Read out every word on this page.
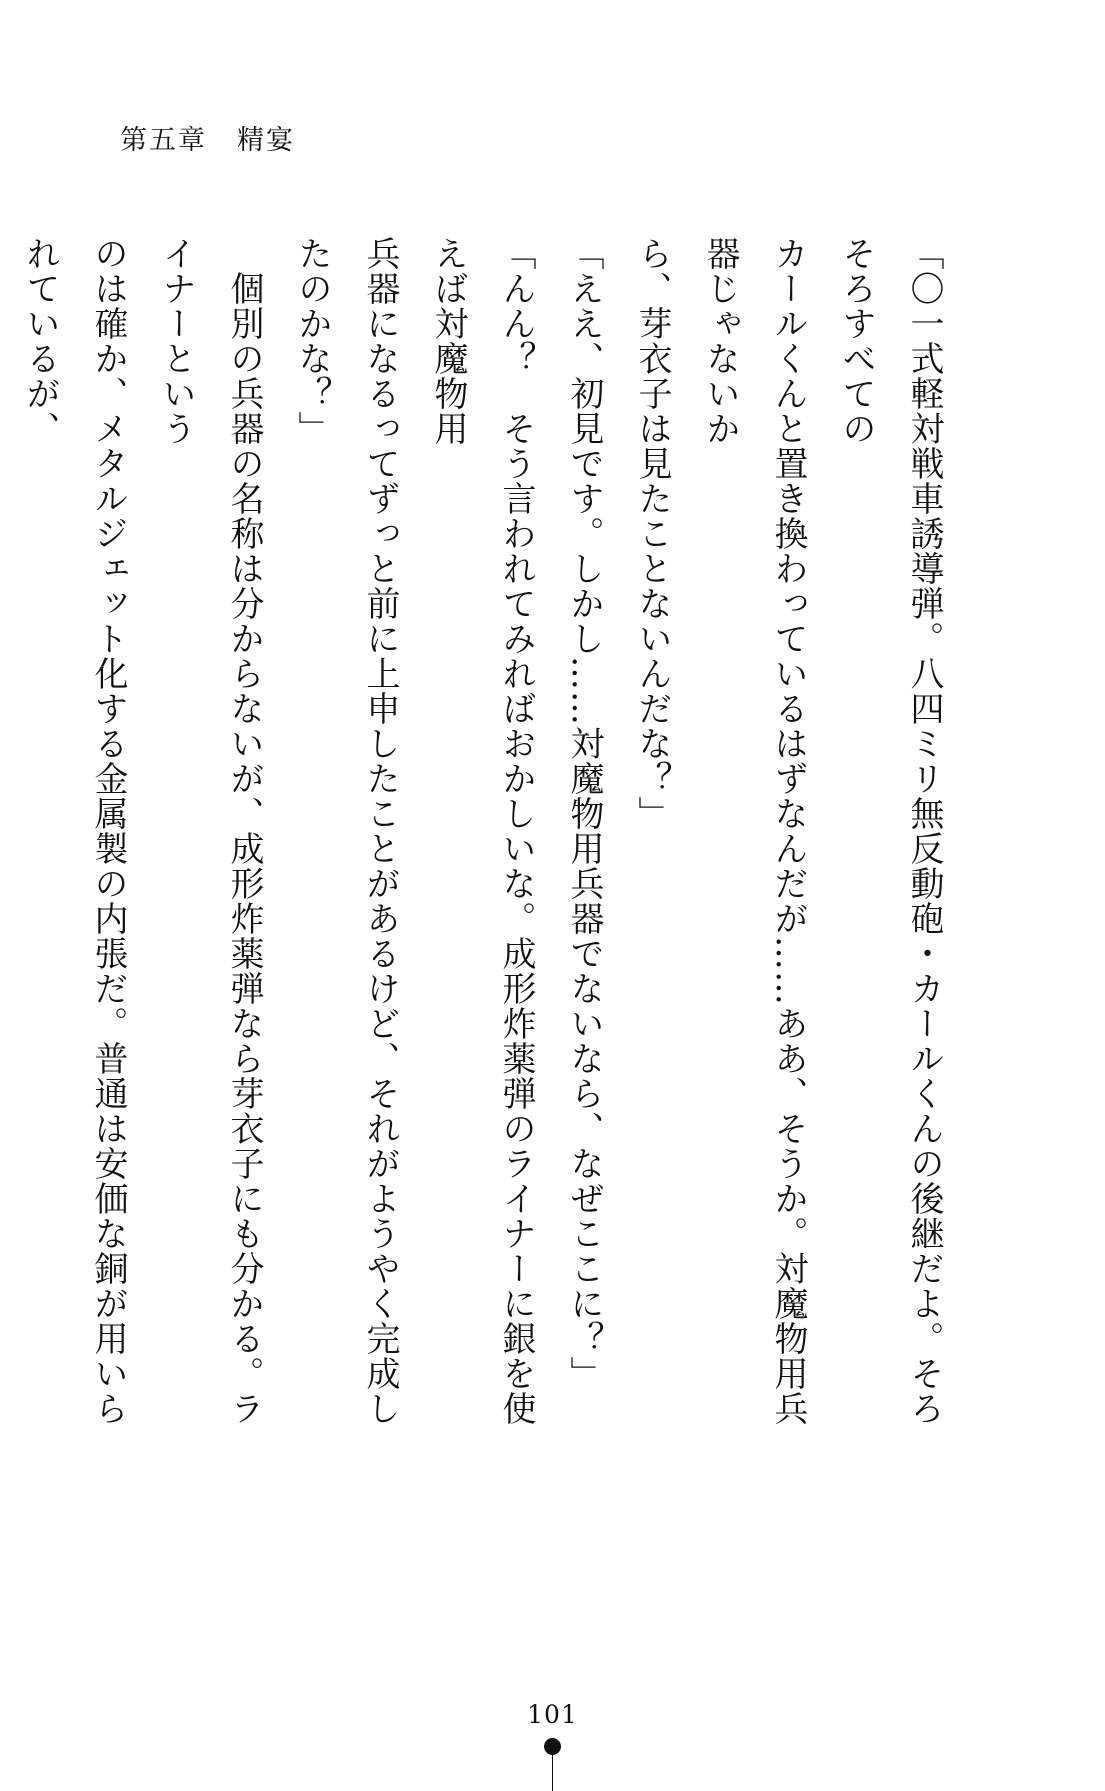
第五章 精宴

「〇一式軽対戦車誘導弾。八四ミリ無反動砲・カールくんの後継だよ。そろそろすべての

カールくんと置き換わっているはずなんだが……ああ、そうか。対魔物用兵器じゃないか

ら、芽衣子は見たことないんだな？」

「ええ、初見です。しかし……対魔物用兵器でないなら、なぜここに？」

「んん？　そう言われてみればおかしいな。成形炸薬弾のライナーに銀を使えば対魔物用

兵器になるってずっと前に上申したことがあるけど、それがようやく完成したのかな？」

　個別の兵器の名称は分からないが、成形炸薬弾なら芽衣子にも分かる。ライナーという

のは確か、メタルジェット化する金属製の内張だ。普通は安価な銅が用いられているが、

101
